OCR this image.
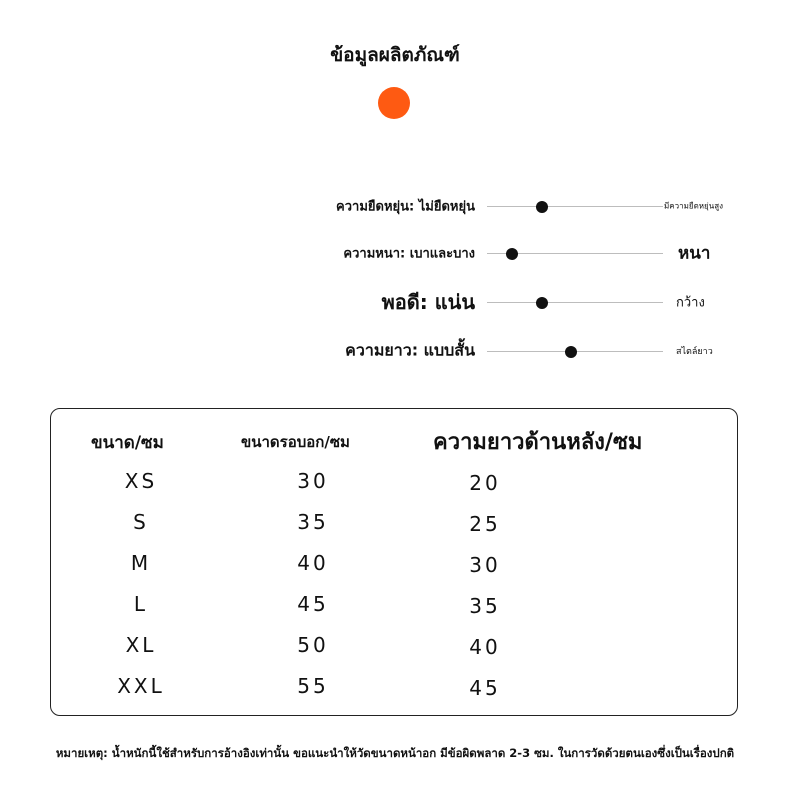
ข้อมูลผลิตภัณฑ์
ความยืดหยุ่น: ไม่ยืดหยุ่น	มีความยืดหยุ่นสูง
ความหนา: เบาและบาง	หนา
พอดี: แน่น	กว้าง
ความยาว: แบบสั้น	สไตล์ยาว
ขนาด/ซม	ขนาดรอบอก/ซม	ความยาวด้านหลัง/ซม
XS	30	20
S	35	25
M	40	30
L	45	35
XL	50	40
XXL	55	45
หมายเหตุ: น้ำหนักนี้ใช้สำหรับการอ้างอิงเท่านั้น ขอแนะนำให้วัดขนาดหน้าอก มีข้อผิดพลาด 2-3 ซม. ในการวัดด้วยตนเองซึ่งเป็นเรื่องปกติ
